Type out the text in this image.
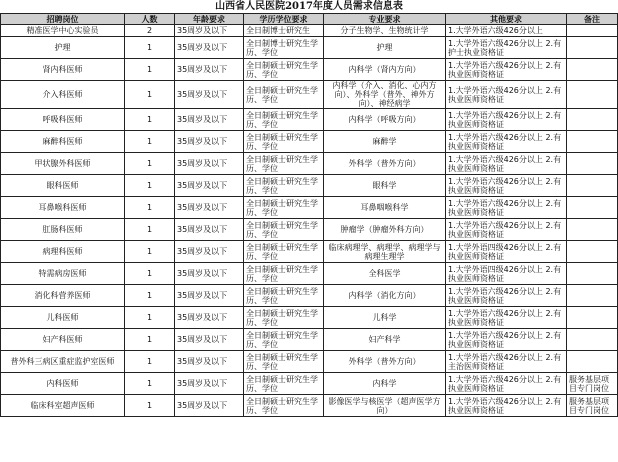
山西省人民医院2017年度人员需求信息表
招聘岗位	人数	年龄要求	学历学位要求	专业要求	其他要求	备注
精准医学中心实验员	2	35周岁及以下	全日制博士研究生	分子生物学、生物统计学	1.大学外语六级426分以上	
护理	1	35周岁及以下	全日制博士研究生学历、学位	护理	1.大学外语六级426分以上 2.有护士执业资格证	
肾内科医师	1	35周岁及以下	全日制硕士研究生学历、学位	内科学（肾内方向）	1.大学外语六级426分以上 2.有执业医师资格证	
介入科医师	1	35周岁及以下	全日制硕士研究生学历、学位	内科学（介入、消化、心内方向）、外科学（普外、神外方向）、神经病学	1.大学外语六级426分以上 2.有执业医师资格证	
呼吸科医师	1	35周岁及以下	全日制硕士研究生学历、学位	内科学（呼吸方向）	1.大学外语六级426分以上 2.有执业医师资格证	
麻醉科医师	1	35周岁及以下	全日制硕士研究生学历、学位	麻醉学	1.大学外语六级426分以上 2.有执业医师资格证	
甲状腺外科医师	1	35周岁及以下	全日制硕士研究生学历、学位	外科学（普外方向）	1.大学外语六级426分以上 2.有执业医师资格证	
眼科医师	1	35周岁及以下	全日制硕士研究生学历、学位	眼科学	1.大学外语六级426分以上 2.有执业医师资格证	
耳鼻喉科医师	1	35周岁及以下	全日制硕士研究生学历、学位	耳鼻咽喉科学	1.大学外语六级426分以上 2.有执业医师资格证	
肛肠科医师	1	35周岁及以下	全日制硕士研究生学历、学位	肿瘤学（肿瘤外科方向）	1.大学外语六级426分以上 2.有执业医师资格证	
病理科医师	1	35周岁及以下	全日制硕士研究生学历、学位	临床病理学、病理学、病理学与病理生理学	1.大学外语四级426分以上 2.有执业医师资格证	
特需病房医师	1	35周岁及以下	全日制硕士研究生学历、学位	全科医学	1.大学外语四级426分以上 2.有执业医师资格证	
消化科营养医师	1	35周岁及以下	全日制硕士研究生学历、学位	内科学（消化方向）	1.大学外语六级426分以上 2.有执业医师资格证	
儿科医师	1	35周岁及以下	全日制硕士研究生学历、学位	儿科学	1.大学外语六级426分以上 2.有执业医师资格证	
妇产科医师	1	35周岁及以下	全日制硕士研究生学历、学位	妇产科学	1.大学外语六级426分以上 2.有执业医师资格证	
普外科三病区重症监护室医师	1	35周岁及以下	全日制硕士研究生学历、学位	外科学（普外方向）	1.大学外语六级426分以上 2.有主治医师资格证	
内科医师	1	35周岁及以下	全日制硕士研究生学历、学位	内科学	1.大学外语六级426分以上 2.有执业医师资格证	服务基层项目专门岗位
临床科室超声医师	1	35周岁及以下	全日制硕士研究生学历、学位	影像医学与核医学（超声医学方向）	1.大学外语六级426分以上 2.有执业医师资格证	服务基层项目专门岗位
